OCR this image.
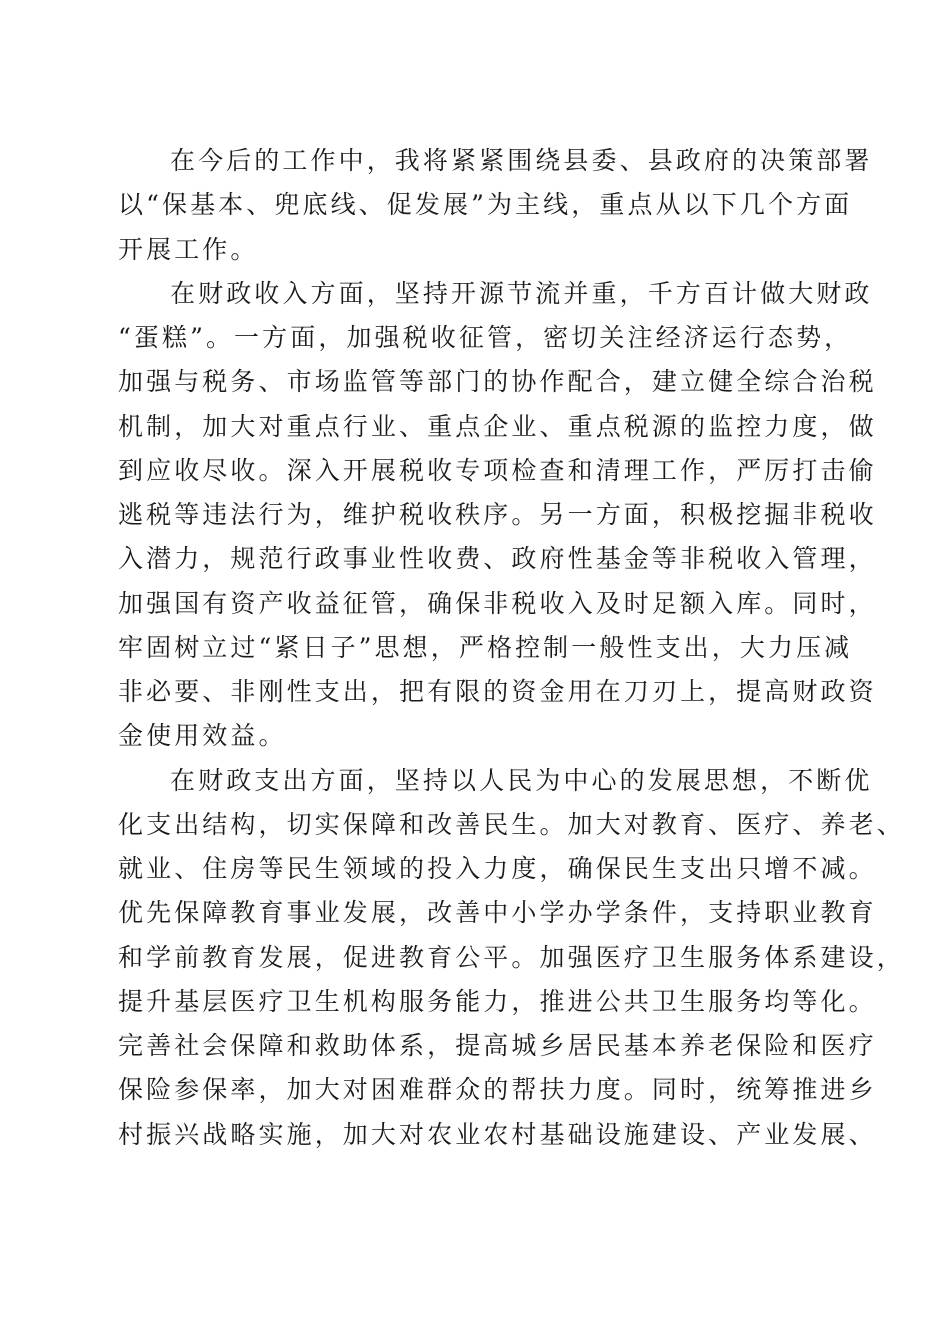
在今后的工作中，我将紧紧围绕县委、县政府的决策部署

以“保基本、兜底线、促发展”为主线，重点从以下几个方面

开展工作。

在财政收入方面，坚持开源节流并重，千方百计做大财政

“蛋糕”。一方面，加强税收征管，密切关注经济运行态势，

加强与税务、市场监管等部门的协作配合，建立健全综合治税

机制，加大对重点行业、重点企业、重点税源的监控力度，做

到应收尽收。深入开展税收专项检查和清理工作，严厉打击偷

逃税等违法行为，维护税收秩序。另一方面，积极挖掘非税收

入潜力，规范行政事业性收费、政府性基金等非税收入管理，

加强国有资产收益征管，确保非税收入及时足额入库。同时，

牢固树立过“紧日子”思想，严格控制一般性支出，大力压减

非必要、非刚性支出，把有限的资金用在刀刃上，提高财政资

金使用效益。

在财政支出方面，坚持以人民为中心的发展思想，不断优

化支出结构，切实保障和改善民生。加大对教育、医疗、养老、

就业、住房等民生领域的投入力度，确保民生支出只增不减。

优先保障教育事业发展，改善中小学办学条件，支持职业教育

和学前教育发展，促进教育公平。加强医疗卫生服务体系建设，

提升基层医疗卫生机构服务能力，推进公共卫生服务均等化。

完善社会保障和救助体系，提高城乡居民基本养老保险和医疗

保险参保率，加大对困难群众的帮扶力度。同时，统筹推进乡

村振兴战略实施，加大对农业农村基础设施建设、产业发展、
